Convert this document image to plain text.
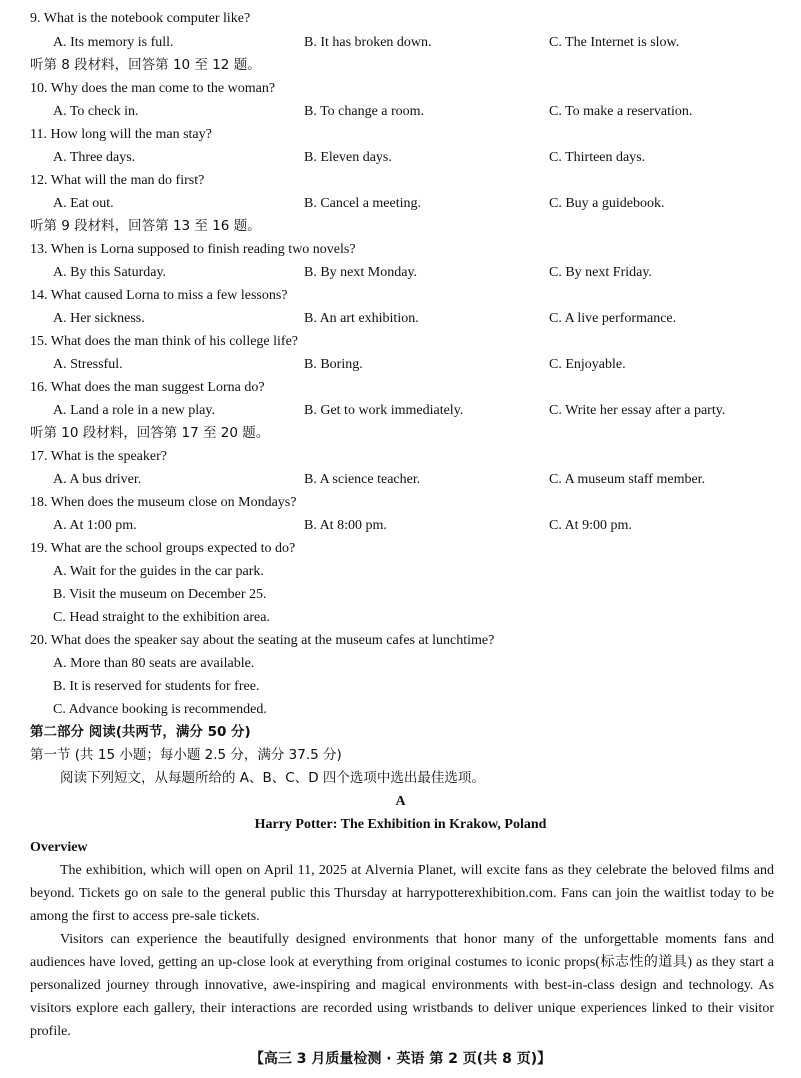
9. What is the notebook computer like?
A. Its memory is full.	B. It has broken down.	C. The Internet is slow.
听第 8 段材料，回答第 10 至 12 题。
10. Why does the man come to the woman?
A. To check in.	B. To change a room.	C. To make a reservation.
11. How long will the man stay?
A. Three days.	B. Eleven days.	C. Thirteen days.
12. What will the man do first?
A. Eat out.	B. Cancel a meeting.	C. Buy a guidebook.
听第 9 段材料，回答第 13 至 16 题。
13. When is Lorna supposed to finish reading two novels?
A. By this Saturday.	B. By next Monday.	C. By next Friday.
14. What caused Lorna to miss a few lessons?
A. Her sickness.	B. An art exhibition.	C. A live performance.
15. What does the man think of his college life?
A. Stressful.	B. Boring.	C. Enjoyable.
16. What does the man suggest Lorna do?
A. Land a role in a new play.	B. Get to work immediately.	C. Write her essay after a party.
听第 10 段材料，回答第 17 至 20 题。
17. What is the speaker?
A. A bus driver.	B. A science teacher.	C. A museum staff member.
18. When does the museum close on Mondays?
A. At 1:00 pm.	B. At 8:00 pm.	C. At 9:00 pm.
19. What are the school groups expected to do?
A. Wait for the guides in the car park.
B. Visit the museum on December 25.
C. Head straight to the exhibition area.
20. What does the speaker say about the seating at the museum cafes at lunchtime?
A. More than 80 seats are available.
B. It is reserved for students for free.
C. Advance booking is recommended.
第二部分 阅读(共两节，满分 50 分)
第一节 (共 15 小题；每小题 2.5 分，满分 37.5 分)
阅读下列短文，从每题所给的 A、B、C、D 四个选项中选出最佳选项。
A
Harry Potter: The Exhibition in Krakow, Poland
Overview

The exhibition, which will open on April 11, 2025 at Alvernia Planet, will excite fans as they celebrate the beloved films and beyond. Tickets go on sale to the general public this Thursday at harrypotterexhibition.com. Fans can join the waitlist today to be among the first to access pre-sale tickets.

Visitors can experience the beautifully designed environments that honor many of the unforgettable moments fans and audiences have loved, getting an up-close look at everything from original costumes to iconic props(标志性的道具) as they start a personalized journey through innovative, awe-inspiring and magical environments with best-in-class design and technology. As visitors explore each gallery, their interactions are recorded using wristbands to deliver unique experiences linked to their visitor profile.

【高三 3 月质量检测 · 英语 第 2 页(共 8 页)】
